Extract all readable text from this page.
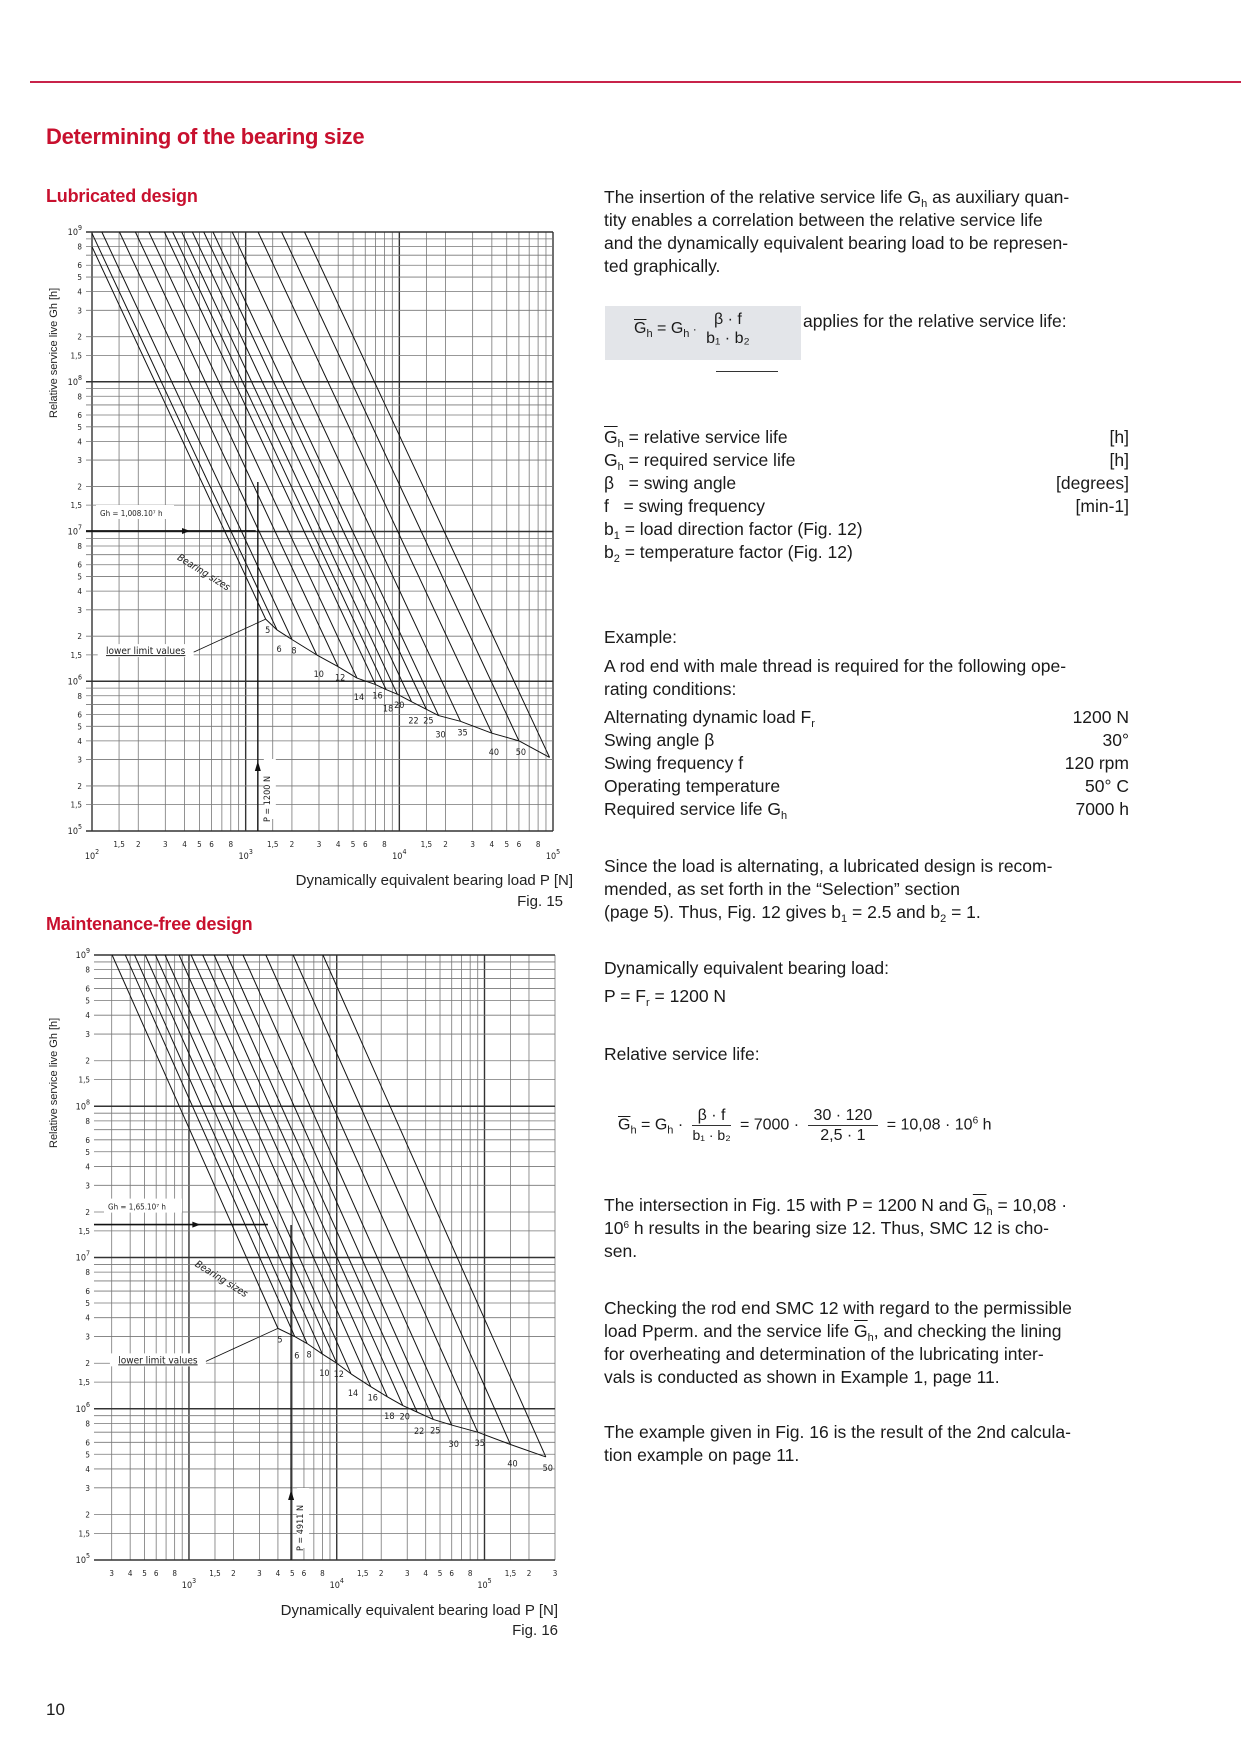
Determining of the bearing size
Lubricated design
$10^5$
1,5
2
3
4
5
6
8
$10^6$
1,5
2
3
4
5
6
8
$10^7$
1,5
2
3
4
5
6
8
$10^8$
1,5
2
3
4
5
6
8
$10^9$
$10^2$
1,5 2	3 4 5 6 8
$10^3$
1,5 2	3 4 5 6 8
$10^4$
1,5 2	3 4 5 6 8
$10^5$
5
6 8
10 12
14 16
18 20
22 25
30 35
40 50
Bearing sizes
lower limit values
Gh = 1,008.10⁷ h
P = 1200 N
Relative service live Gh [h]
Dynamically equivalent bearing load P [N]
Fig. 15
Maintenance-free design
$10^5$
1,5
2
3
4
5
6
8
$10^6$
1,5
2
3
4
5
6
8
$10^7$
1,5
2
3
4
5
6
8
$10^8$
1,5
2
3
4
5
6
8
$10^9$
3 4 5 6 8
$10^3$
1,5 2	3 4 5 6 8
$10^4$
1,5 2	3 4 5 6 8
$10^5$
1,5 2	3
5
6 8
10 12
14 16
18 20
22 25
30 35
40	50
Bearing sizes
lower limit values
Gh = 1,65.10⁷ h
P = 4911 N
Relative service live Gh [h]
Dynamically equivalent bearing load P [N]
Fig. 16
The insertion of the relative service life $G_h$ as auxiliary quan-
tity enables a correlation between the relative service life
and the dynamically equivalent bearing load to be represen-
ted graphically.
$\overline{G}_h = G_h$ ·
β · f
b₁ · b₂
applies for the relative service life:
$\overline{G}_h$ = relative service life	[h]
$G_h$ = required service life	[h]
β   = swing angle	[degrees]
f   = swing frequency	[min-1]
$b_1$ = load direction factor (Fig. 12)
$b_2$ = temperature factor (Fig. 12)
Example:
A rod end with male thread is required for the following ope-
rating conditions:
Alternating dynamic load $F_r$	1200 N
Swing angle β	30°
Swing frequency f	120 rpm
Operating temperature	50° C
Required service life $G_h$	7000 h
Since the load is alternating, a lubricated design is recom-
mended, as set forth in the “Selection” section
(page 5). Thus, Fig. 12 gives $b_1 = 2.5$ and $b_2 = 1$.
Dynamically equivalent bearing load:
$P = F_r = 1200$ N
Relative service life:
$\overline{G}_h = G_h \cdot \frac{\beta \cdot f}{\text{b₁ · b₂}} = 7000 \cdot \frac{30 \cdot 120}{2,5 \cdot 1} = 10,08 \cdot 10^6$ h
The intersection in Fig. 15 with P = 1200 N and $\overline{G}_h = 10,08$ ·
$10^6$ h results in the bearing size 12. Thus, SMC 12 is cho-
sen.
Checking the rod end SMC 12 with regard to the permissible
load Pperm. and the service life $\overline{G}_h$, and checking the lining
for overheating and determination of the lubricating inter-
vals is conducted as shown in Example 1, page 11.
The example given in Fig. 16 is the result of the 2nd calcula-
tion example on page 11.
10
